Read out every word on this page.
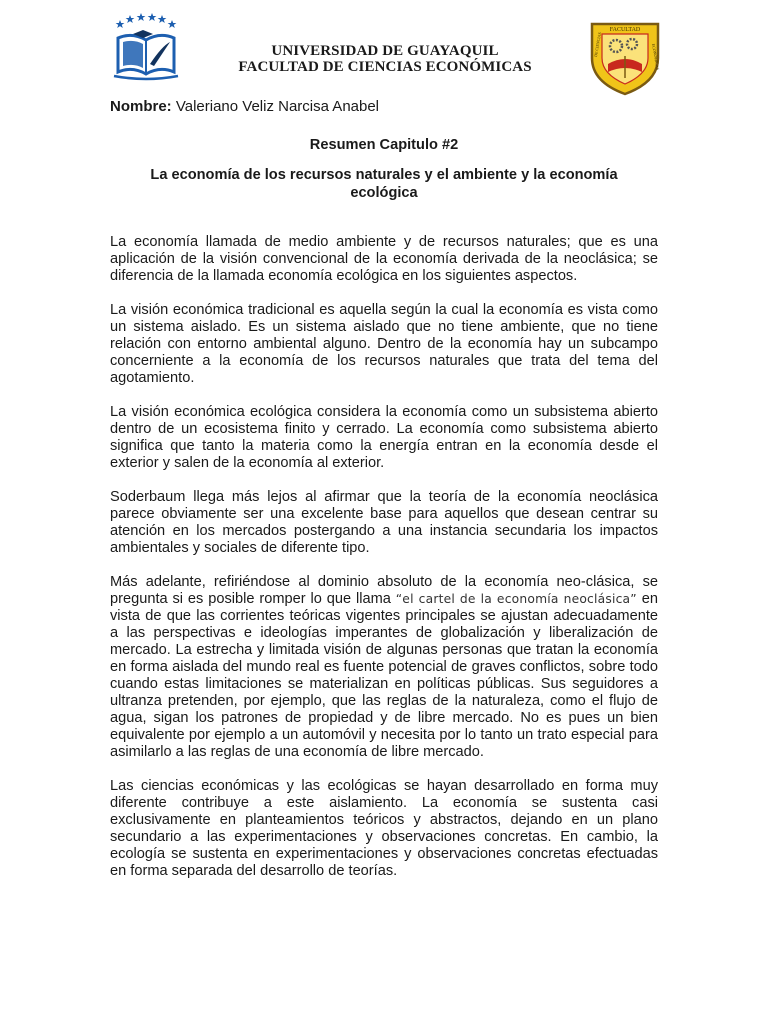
UNIVERSIDAD DE GUAYAQUIL
FACULTAD DE CIENCIAS ECONÓMICAS
FACULTAD
DE CIENCIAS	ECONÓMICAS
Nombre: Valeriano Veliz Narcisa Anabel
Resumen Capitulo #2
La economía de los recursos naturales y el ambiente y la economía ecológica

La economía llamada de medio ambiente y de recursos naturales; que es una aplicación de la visión convencional de la economía derivada de la neoclásica; se diferencia de la llamada economía ecológica en los siguientes aspectos.

La visión económica tradicional es aquella según la cual la economía es vista como un sistema aislado. Es un sistema aislado que no tiene ambiente, que no tiene relación con entorno ambiental alguno. Dentro de la economía hay un subcampo concerniente a la economía de los recursos naturales que trata del tema del agotamiento.

La visión económica ecológica considera la economía como un subsistema abierto dentro de un ecosistema finito y cerrado. La economía como subsistema abierto significa que tanto la materia como la energía entran en la economía desde el exterior y salen de la economía al exterior.

Soderbaum llega más lejos al afirmar que la teoría de la economía neoclásica parece obviamente ser una excelente base para aquellos que desean centrar su atención en los mercados postergando a una instancia secundaria los impactos ambientales y sociales de diferente tipo.

Más adelante, refiriéndose al dominio absoluto de la economía neo-clásica, se pregunta si es posible romper lo que llama “el cartel de la economía neoclásica” en vista de que las corrientes teóricas vigentes principales se ajustan adecuadamente a las perspectivas e ideologías imperantes de globalización y liberalización de mercado. La estrecha y limitada visión de algunas personas que tratan la economía en forma aislada del mundo real es fuente potencial de graves conflictos, sobre todo cuando estas limitaciones se materializan en políticas públicas. Sus seguidores a ultranza pretenden, por ejemplo, que las reglas de la naturaleza, como el flujo de agua, sigan los patrones de propiedad y de libre mercado. No es pues un bien equivalente por ejemplo a un automóvil y necesita por lo tanto un trato especial para asimilarlo a las reglas de una economía de libre mercado.

Las ciencias económicas y las ecológicas se hayan desarrollado en forma muy diferente contribuye a este aislamiento. La economía se sustenta casi exclusivamente en planteamientos teóricos y abstractos, dejando en un plano secundario a las experimentaciones y observaciones concretas. En cambio, la ecología se sustenta en experimentaciones y observaciones concretas efectuadas en forma separada del desarrollo de teorías.
